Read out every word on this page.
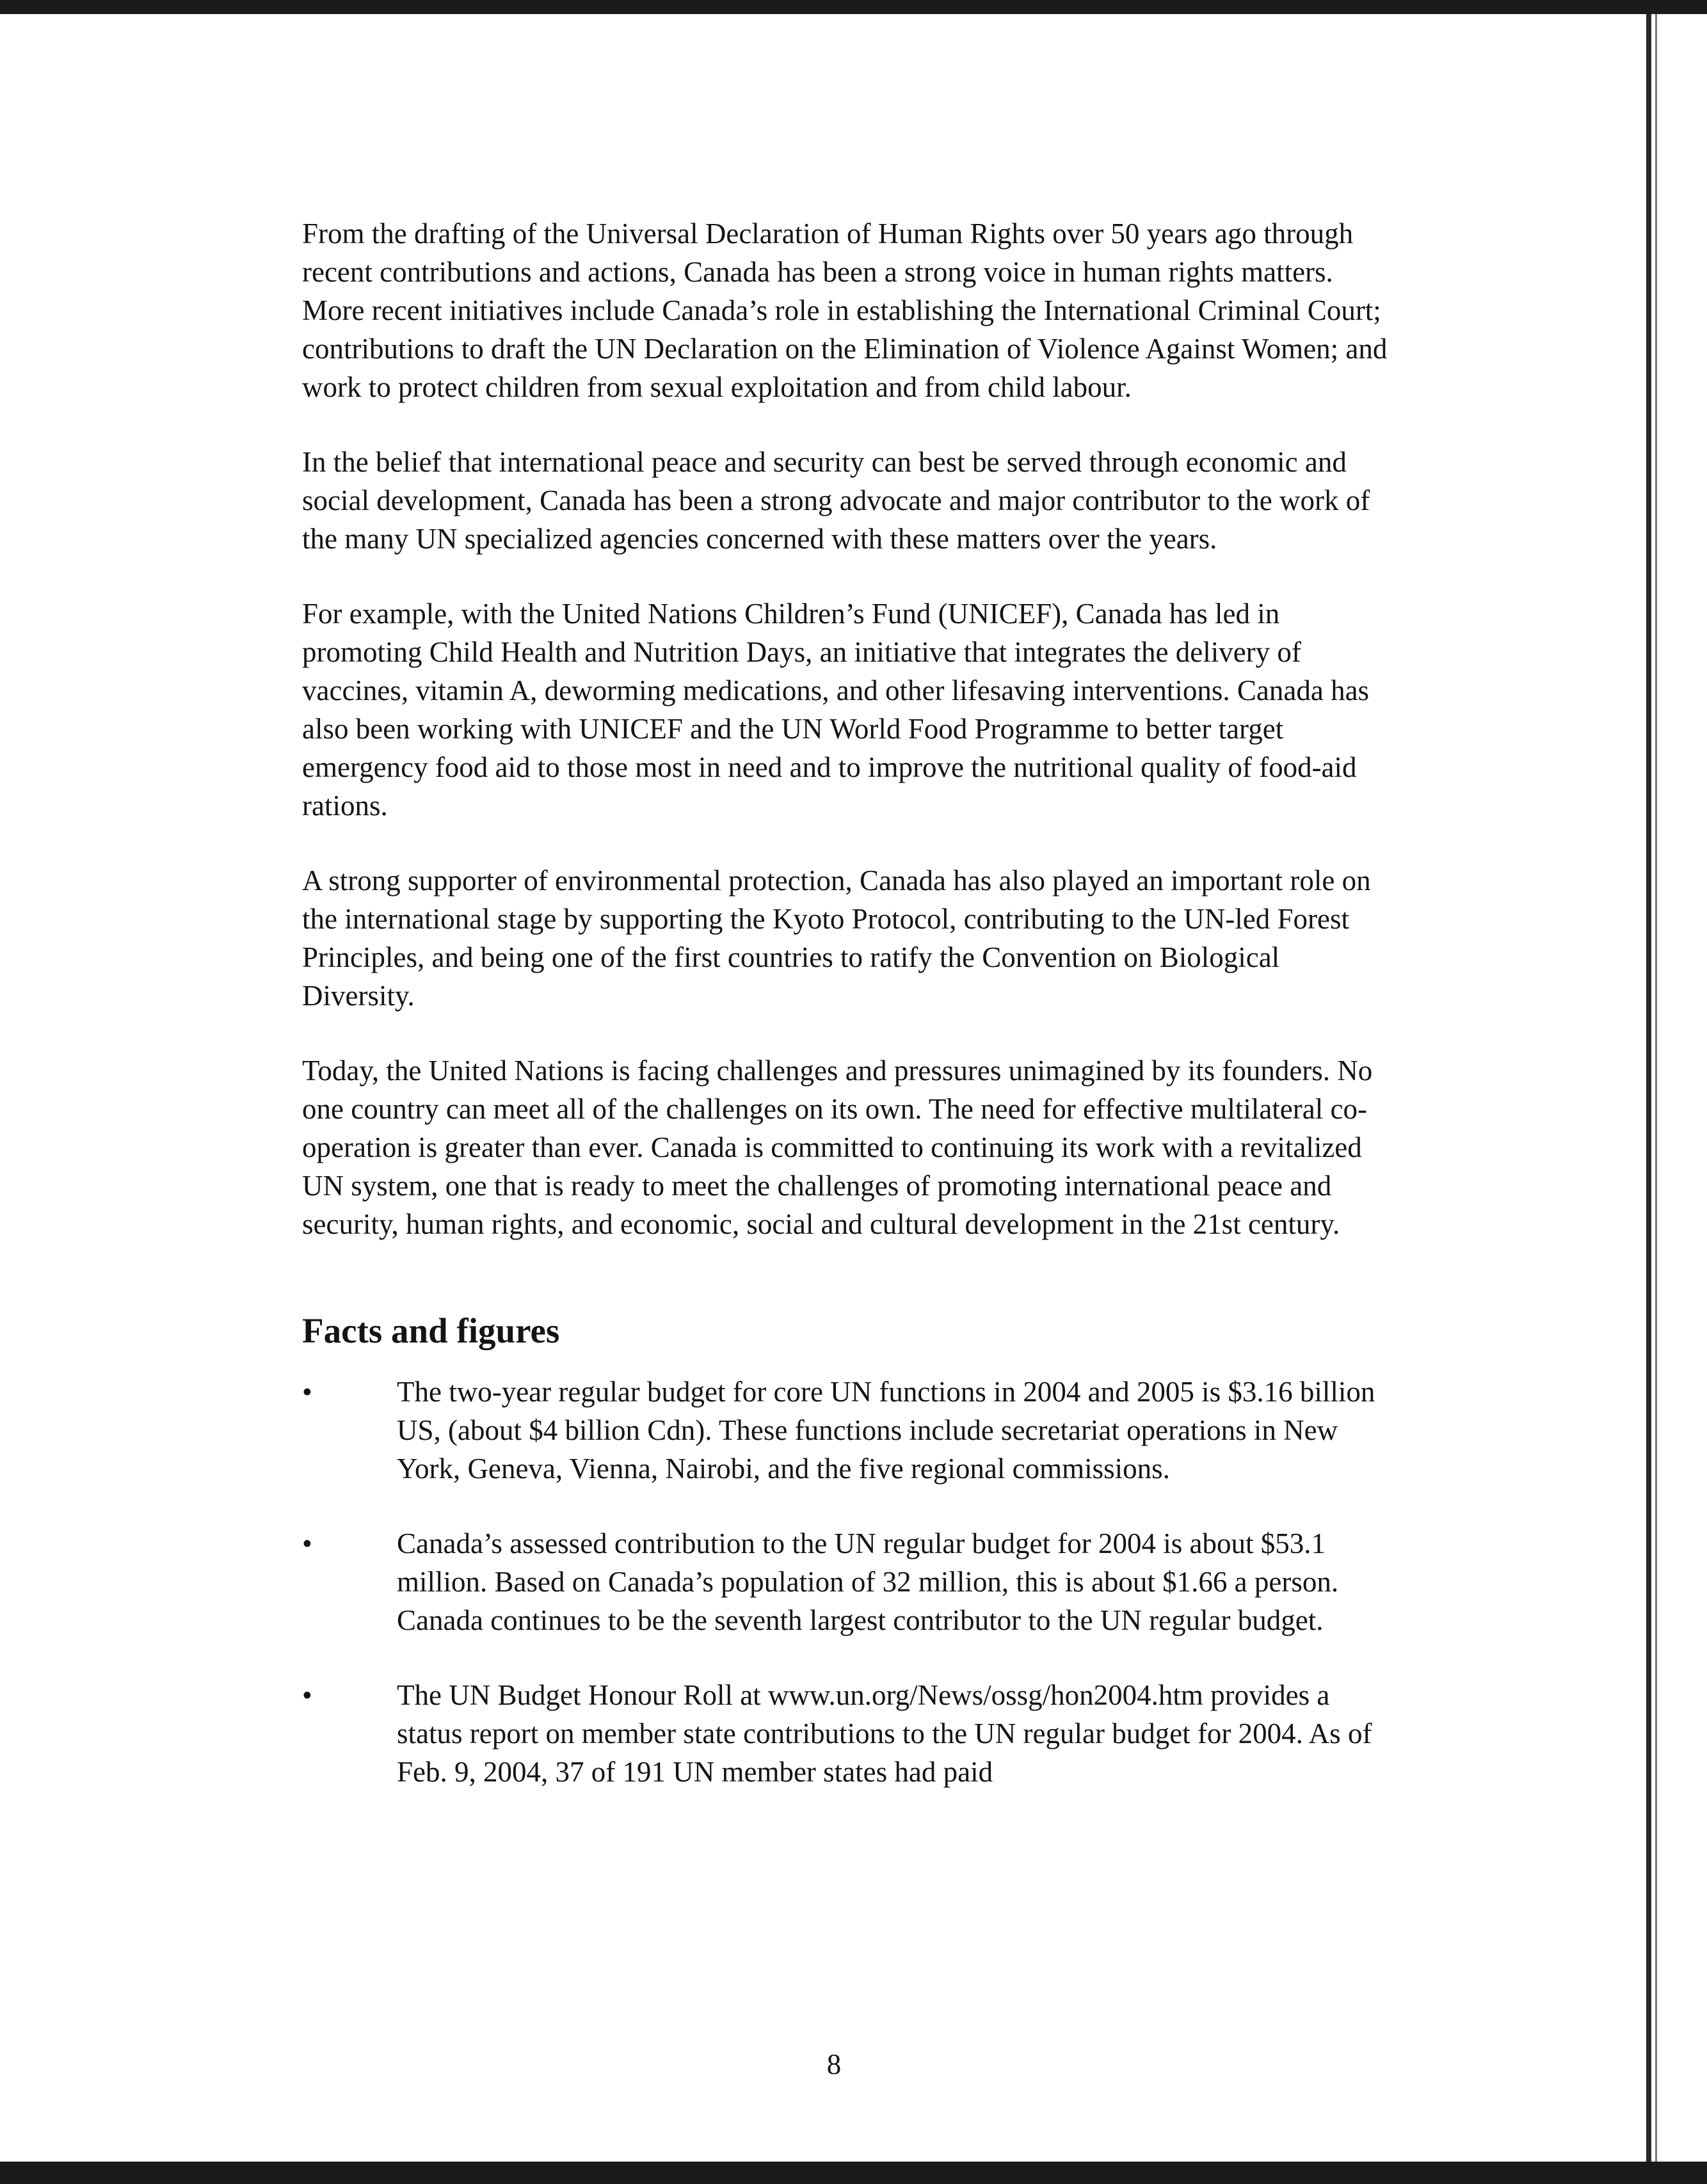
From the drafting of the Universal Declaration of Human Rights over 50 years ago through recent contributions and actions, Canada has been a strong voice in human rights matters. More recent initiatives include Canada’s role in establishing the International Criminal Court; contributions to draft the UN Declaration on the Elimination of Violence Against Women; and work to protect children from sexual exploitation and from child labour.

In the belief that international peace and security can best be served through economic and social development, Canada has been a strong advocate and major contributor to the work of the many UN specialized agencies concerned with these matters over the years.

For example, with the United Nations Children’s Fund (UNICEF), Canada has led in promoting Child Health and Nutrition Days, an initiative that integrates the delivery of vaccines, vitamin A, deworming medications, and other lifesaving interventions. Canada has also been working with UNICEF and the UN World Food Programme to better target emergency food aid to those most in need and to improve the nutritional quality of food-aid rations.

A strong supporter of environmental protection, Canada has also played an important role on the international stage by supporting the Kyoto Protocol, contributing to the UN-led Forest Principles, and being one of the first countries to ratify the Convention on Biological Diversity.

Today, the United Nations is facing challenges and pressures unimagined by its founders. No one country can meet all of the challenges on its own. The need for effective multilateral co-operation is greater than ever. Canada is committed to continuing its work with a revitalized UN system, one that is ready to meet the challenges of promoting international peace and security, human rights, and economic, social and cultural development in the 21st century.

Facts and figures
•	The two-year regular budget for core UN functions in 2004 and 2005 is $3.16 billion US, (about $4 billion Cdn). These functions include secretariat operations in New York, Geneva, Vienna, Nairobi, and the five regional commissions.
•	Canada’s assessed contribution to the UN regular budget for 2004 is about $53.1 million. Based on Canada’s population of 32 million, this is about $1.66 a person. Canada continues to be the seventh largest contributor to the UN regular budget.
•	The UN Budget Honour Roll at www.un.org/News/ossg/hon2004.htm provides a status report on member state contributions to the UN regular budget for 2004. As of Feb. 9, 2004, 37 of 191 UN member states had paid
8
